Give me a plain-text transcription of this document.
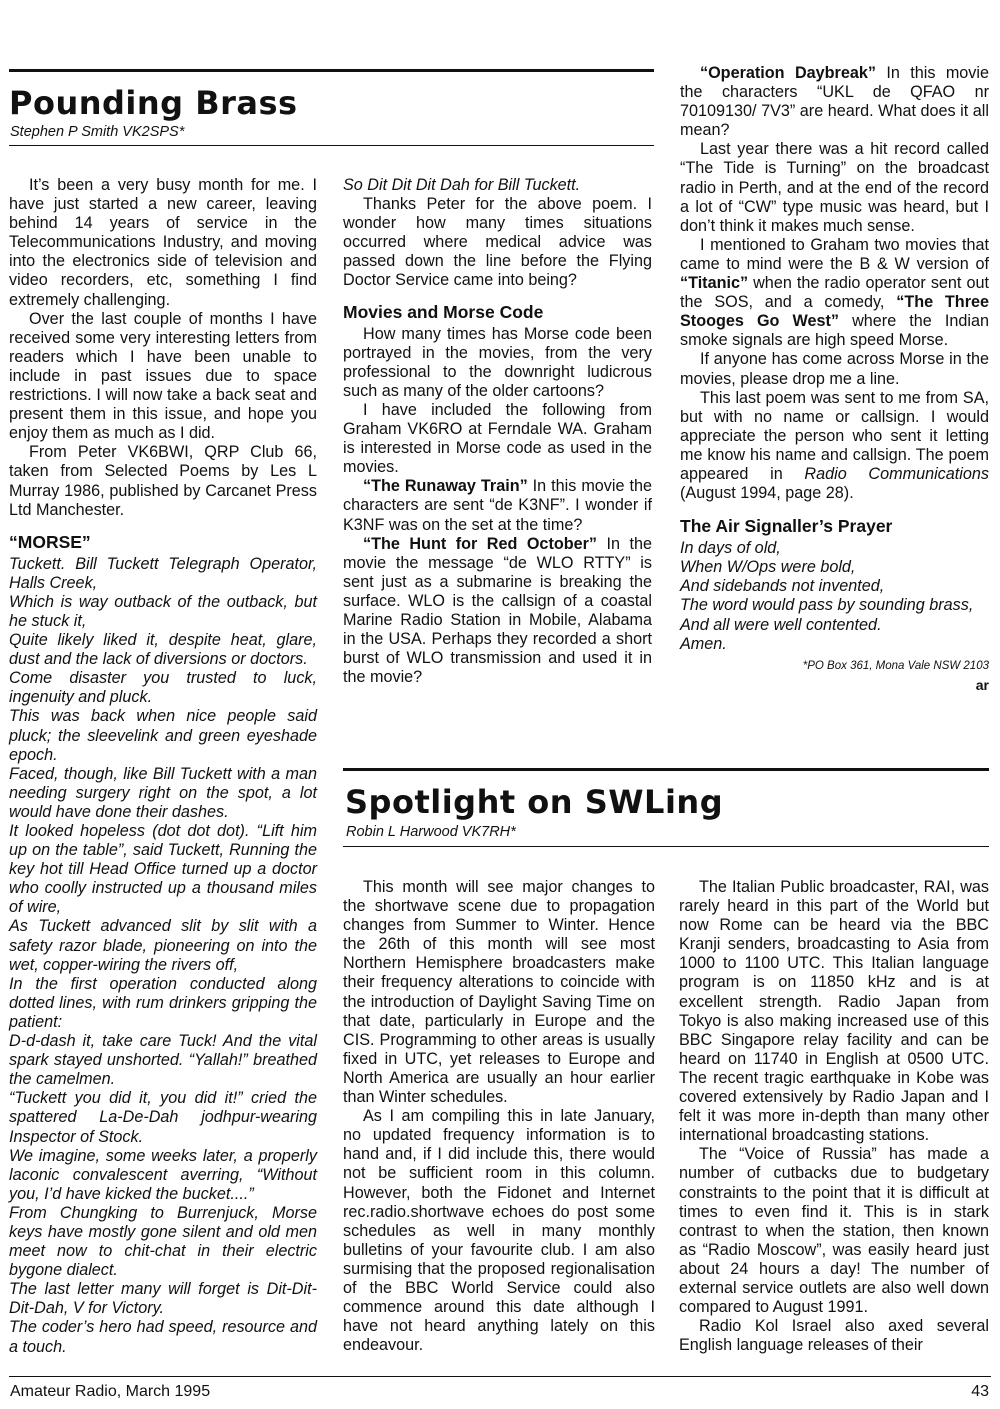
Pounding Brass
Stephen P Smith VK2SPS*

It’s been a very busy month for me. I have just started a new career, leaving behind 14 years of service in the Telecommunications Industry, and moving into the electronics side of television and video recorders, etc, something I find extremely challenging.

Over the last couple of months I have received some very interesting letters from readers which I have been unable to include in past issues due to space restrictions. I will now take a back seat and present them in this issue, and hope you enjoy them as much as I did.

From Peter VK6BWI, QRP Club 66, taken from Selected Poems by Les L Murray 1986, published by Carcanet Press Ltd Manchester.

“MORSE”
Tuckett. Bill Tuckett Telegraph Operator, Halls Creek,
Which is way outback of the outback, but he stuck it,
Quite likely liked it, despite heat, glare, dust and the lack of diversions or doctors.
Come disaster you trusted to luck, ingenuity and pluck.
This was back when nice people said pluck; the sleevelink and green eyeshade epoch.
Faced, though, like Bill Tuckett with a man needing surgery right on the spot, a lot would have done their dashes.
It looked hopeless (dot dot dot). “Lift him up on the table”, said Tuckett, Running the key hot till Head Office turned up a doctor who coolly instructed up a thousand miles of wire,
As Tuckett advanced slit by slit with a safety razor blade, pioneering on into the wet, copper-wiring the rivers off,
In the first operation conducted along dotted lines, with rum drinkers gripping the patient:
D-d-dash it, take care Tuck! And the vital spark stayed unshorted. “Yallah!” breathed the camelmen.
“Tuckett you did it, you did it!” cried the spattered La-De-Dah jodhpur-wearing Inspector of Stock.
We imagine, some weeks later, a properly laconic convalescent averring, “Without you, I’d have kicked the bucket....”
From Chungking to Burrenjuck, Morse keys have mostly gone silent and old men meet now to chit-chat in their electric bygone dialect.
The last letter many will forget is Dit-Dit-Dit-Dah, V for Victory.
The coder’s hero had speed, resource and a touch.
So Dit Dit Dit Dah for Bill Tuckett.

Thanks Peter for the above poem. I wonder how many times situations occurred where medical advice was passed down the line before the Flying Doctor Service came into being?

Movies and Morse Code

How many times has Morse code been portrayed in the movies, from the very professional to the downright ludicrous such as many of the older cartoons?

I have included the following from Graham VK6RO at Ferndale WA. Graham is interested in Morse code as used in the movies.

“The Runaway Train” In this movie the characters are sent “de K3NF”. I wonder if K3NF was on the set at the time?

“The Hunt for Red October” In the movie the message “de WLO RTTY” is sent just as a submarine is breaking the surface. WLO is the callsign of a coastal Marine Radio Station in Mobile, Alabama in the USA. Perhaps they recorded a short burst of WLO transmission and used it in the movie?

“Operation Daybreak” In this movie the characters “UKL de QFAO nr 70109130/ 7V3” are heard. What does it all mean?

Last year there was a hit record called “The Tide is Turning” on the broadcast radio in Perth, and at the end of the record a lot of “CW” type music was heard, but I don’t think it makes much sense.

I mentioned to Graham two movies that came to mind were the B & W version of “Titanic” when the radio operator sent out the SOS, and a comedy, “The Three Stooges Go West” where the Indian smoke signals are high speed Morse.

If anyone has come across Morse in the movies, please drop me a line.

This last poem was sent to me from SA, but with no name or callsign. I would appreciate the person who sent it letting me know his name and callsign. The poem appeared in Radio Communications (August 1994, page 28).

The Air Signaller’s Prayer
In days of old,
When W/Ops were bold,
And sidebands not invented,
The word would pass by sounding brass,
And all were well contented.
Amen.
*PO Box 361, Mona Vale NSW 2103
ar
Spotlight on SWLing
Robin L Harwood VK7RH*

This month will see major changes to the shortwave scene due to propagation changes from Summer to Winter. Hence the 26th of this month will see most Northern Hemisphere broadcasters make their frequency alterations to coincide with the introduction of Daylight Saving Time on that date, particularly in Europe and the CIS. Programming to other areas is usually fixed in UTC, yet releases to Europe and North America are usually an hour earlier than Winter schedules.

As I am compiling this in late January, no updated frequency information is to hand and, if I did include this, there would not be sufficient room in this column. However, both the Fidonet and Internet rec.radio.shortwave echoes do post some schedules as well in many monthly bulletins of your favourite club. I am also surmising that the proposed regionalisation of the BBC World Service could also commence around this date although I have not heard anything lately on this endeavour.

The Italian Public broadcaster, RAI, was rarely heard in this part of the World but now Rome can be heard via the BBC Kranji senders, broadcasting to Asia from 1000 to 1100 UTC. This Italian language program is on 11850 kHz and is at excellent strength. Radio Japan from Tokyo is also making increased use of this BBC Singapore relay facility and can be heard on 11740 in English at 0500 UTC. The recent tragic earthquake in Kobe was covered extensively by Radio Japan and I felt it was more in-depth than many other international broadcasting stations.

The “Voice of Russia” has made a number of cutbacks due to budgetary constraints to the point that it is difficult at times to even find it. This is in stark contrast to when the station, then known as “Radio Moscow”, was easily heard just about 24 hours a day! The number of external service outlets are also well down compared to August 1991.

Radio Kol Israel also axed several English language releases of their

Amateur Radio, March 1995	43
